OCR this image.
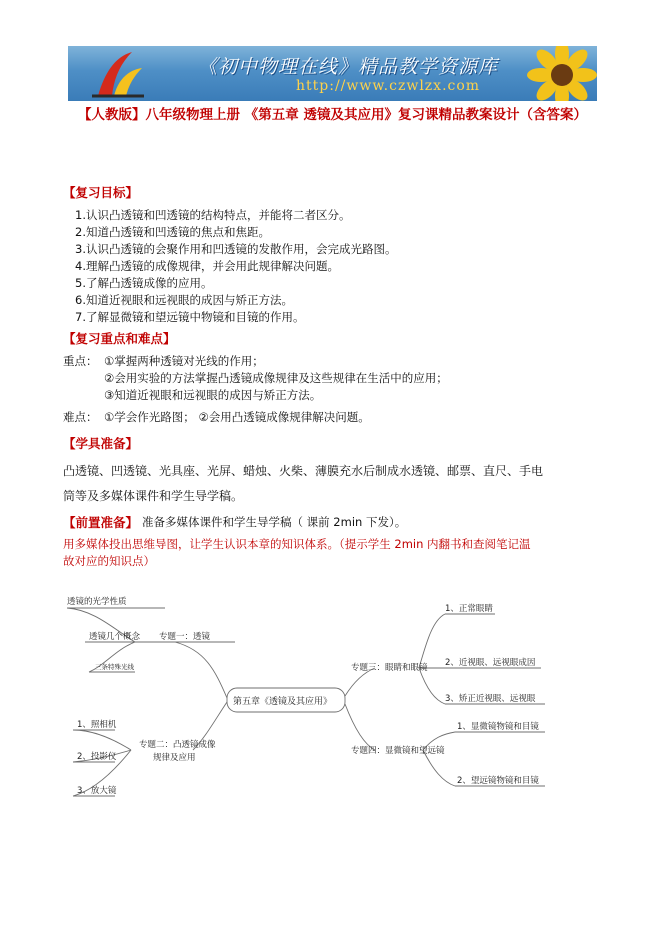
《初中物理在线》精品教学资源库
http://www.czwlzx.com
【人教版】八年级物理上册 《第五章 透镜及其应用》复习课精品教案设计（含答案）
【复习目标】
1.认识凸透镜和凹透镜的结构特点，并能将二者区分。
2.知道凸透镜和凹透镜的焦点和焦距。
3.认识凸透镜的会聚作用和凹透镜的发散作用，会完成光路图。
4.理解凸透镜的成像规律，并会用此规律解决问题。
5.了解凸透镜成像的应用。
6.知道近视眼和远视眼的成因与矫正方法。
7.了解显微镜和望远镜中物镜和目镜的作用。
【复习重点和难点】
重点： ①掌握两种透镜对光线的作用；
②会用实验的方法掌握凸透镜成像规律及这些规律在生活中的应用；
③知道近视眼和远视眼的成因与矫正方法。
难点： ①学会作光路图； ②会用凸透镜成像规律解决问题。
【学具准备】
凸透镜、凹透镜、光具座、光屏、蜡烛、火柴、薄膜充水后制成水透镜、邮票、直尺、手电
筒等及多媒体课件和学生导学稿。
【前置准备】 准备多媒体课件和学生导学稿（ 课前 2min 下发）。
用多媒体投出思维导图，让学生认识本章的知识体系。（提示学生 2min 内翻书和查阅笔记温
故对应的知识点）
第五章《透镜及其应用》
透镜的光学性质
透镜几个概念
三条特殊光线
专题一：透镜
专题二：凸透镜成像
规律及应用
1、照相机
2、投影仪
3、放大镜
专题三：眼睛和眼镜
1、正常眼睛
2、近视眼、远视眼成因
3、矫正近视眼、远视眼
专题四：显微镜和望远镜
1、显微镜物镜和目镜
2、望远镜物镜和目镜
